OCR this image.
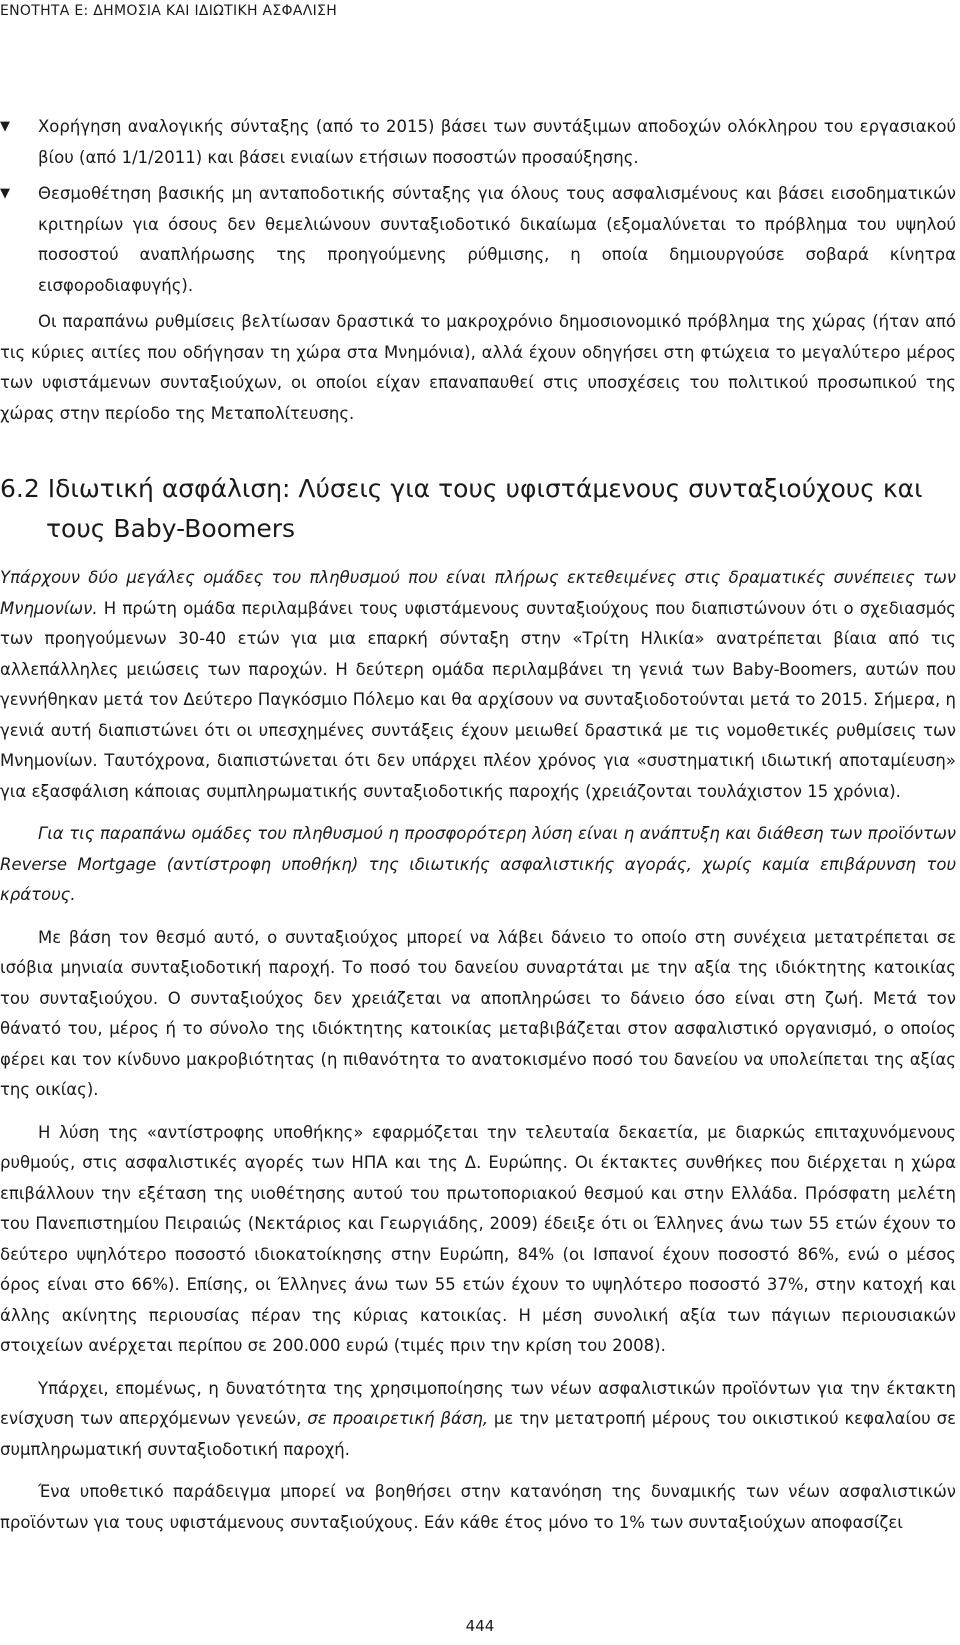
ΕΝΟΤΗΤΑ Ε: ΔΗΜΟΣΙΑ ΚΑΙ ΙΔΙΩΤΙΚΗ ΑΣΦΑΛΙΣΗ
▼ Χορήγηση αναλογικής σύνταξης (από το 2015) βάσει των συντάξιμων αποδοχών ολόκληρου του εργασιακού βίου (από 1/1/2011) και βάσει ενιαίων ετήσιων ποσοστών προσαύξησης.
▼ Θεσμοθέτηση βασικής μη ανταποδοτικής σύνταξης για όλους τους ασφαλισμένους και βάσει εισοδηματικών κριτηρίων για όσους δεν θεμελιώνουν συνταξιοδοτικό δικαίωμα (εξομαλύνεται το πρόβλημα του υψηλού ποσοστού αναπλήρωσης της προηγούμενης ρύθμισης, η οποία δημιουργούσε σοβαρά κίνητρα εισφοροδιαφυγής).

Οι παραπάνω ρυθμίσεις βελτίωσαν δραστικά το μακροχρόνιο δημοσιονομικό πρόβλημα της χώρας (ήταν από τις κύριες αιτίες που οδήγησαν τη χώρα στα Μνημόνια), αλλά έχουν οδηγήσει στη φτώχεια το μεγαλύτερο μέρος των υφιστάμενων συνταξιούχων, οι οποίοι είχαν επαναπαυθεί στις υποσχέσεις του πολιτικού προσωπικού της χώρας στην περίοδο της Μεταπολίτευσης.

6.2 Ιδιωτική ασφάλιση: Λύσεις για τους υφιστάμενους συνταξιούχους και
τους Baby-Boomers

Υπάρχουν δύο μεγάλες ομάδες του πληθυσμού που είναι πλήρως εκτεθειμένες στις δραματικές συνέπειες των Μνημονίων. Η πρώτη ομάδα περιλαμβάνει τους υφιστάμενους συνταξιούχους που διαπιστώνουν ότι ο σχεδιασμός των προηγούμενων 30-40 ετών για μια επαρκή σύνταξη στην «Τρίτη Ηλικία» ανατρέπεται βίαια από τις αλλεπάλληλες μειώσεις των παροχών. Η δεύτερη ομάδα περιλαμβάνει τη γενιά των Baby-Boomers, αυτών που γεννήθηκαν μετά τον Δεύτερο Παγκόσμιο Πόλεμο και θα αρχίσουν να συνταξιοδοτούνται μετά το 2015. Σήμερα, η γενιά αυτή διαπιστώνει ότι οι υπεσχημένες συντάξεις έχουν μειωθεί δραστικά με τις νομοθετικές ρυθμίσεις των Μνημονίων. Ταυτόχρονα, διαπιστώνεται ότι δεν υπάρχει πλέον χρόνος για «συστηματική ιδιωτική αποταμίευση» για εξασφάλιση κάποιας συμπληρωματικής συνταξιοδοτικής παροχής (χρειάζονται τουλάχιστον 15 χρόνια).

Για τις παραπάνω ομάδες του πληθυσμού η προσφορότερη λύση είναι η ανάπτυξη και διάθεση των προϊόντων Reverse Mortgage (αντίστροφη υποθήκη) της ιδιωτικής ασφαλιστικής αγοράς, χωρίς καμία επιβάρυνση του κράτους.

Με βάση τον θεσμό αυτό, ο συνταξιούχος μπορεί να λάβει δάνειο το οποίο στη συνέχεια μετατρέπεται σε ισόβια μηνιαία συνταξιοδοτική παροχή. Το ποσό του δανείου συναρτάται με την αξία της ιδιόκτητης κατοικίας του συνταξιούχου. Ο συνταξιούχος δεν χρειάζεται να αποπληρώσει το δάνειο όσο είναι στη ζωή. Μετά τον θάνατό του, μέρος ή το σύνολο της ιδιόκτητης κατοικίας μεταβιβάζεται στον ασφαλιστικό οργανισμό, ο οποίος φέρει και τον κίνδυνο μακροβιότητας (η πιθανότητα το ανατοκισμένο ποσό του δανείου να υπολείπεται της αξίας της οικίας).

Η λύση της «αντίστροφης υποθήκης» εφαρμόζεται την τελευταία δεκαετία, με διαρκώς επιταχυνόμενους ρυθμούς, στις ασφαλιστικές αγορές των ΗΠΑ και της Δ. Ευρώπης. Οι έκτακτες συνθήκες που διέρχεται η χώρα επιβάλλουν την εξέταση της υιοθέτησης αυτού του πρωτοποριακού θεσμού και στην Ελλάδα. Πρόσφατη μελέτη του Πανεπιστημίου Πειραιώς (Νεκτάριος και Γεωργιάδης, 2009) έδειξε ότι οι Έλληνες άνω των 55 ετών έχουν το δεύτερο υψηλότερο ποσοστό ιδιοκατοίκησης στην Ευρώπη, 84% (οι Ισπανοί έχουν ποσοστό 86%, ενώ ο μέσος όρος είναι στο 66%). Επίσης, οι Έλληνες άνω των 55 ετών έχουν το υψηλότερο ποσοστό 37%, στην κατοχή και άλλης ακίνητης περιουσίας πέραν της κύριας κατοικίας. Η μέση συνολική αξία των πάγιων περιουσιακών στοιχείων ανέρχεται περίπου σε 200.000 ευρώ (τιμές πριν την κρίση του 2008).

Υπάρχει, επομένως, η δυνατότητα της χρησιμοποίησης των νέων ασφαλιστικών προϊόντων για την έκτακτη ενίσχυση των απερχόμενων γενεών, σε προαιρετική βάση, με την μετατροπή μέρους του οικιστικού κεφαλαίου σε συμπληρωματική συνταξιοδοτική παροχή.

Ένα υποθετικό παράδειγμα μπορεί να βοηθήσει στην κατανόηση της δυναμικής των νέων ασφαλιστικών προϊόντων για τους υφιστάμενους συνταξιούχους. Εάν κάθε έτος μόνο το 1% των συνταξιούχων αποφασίζει

444
